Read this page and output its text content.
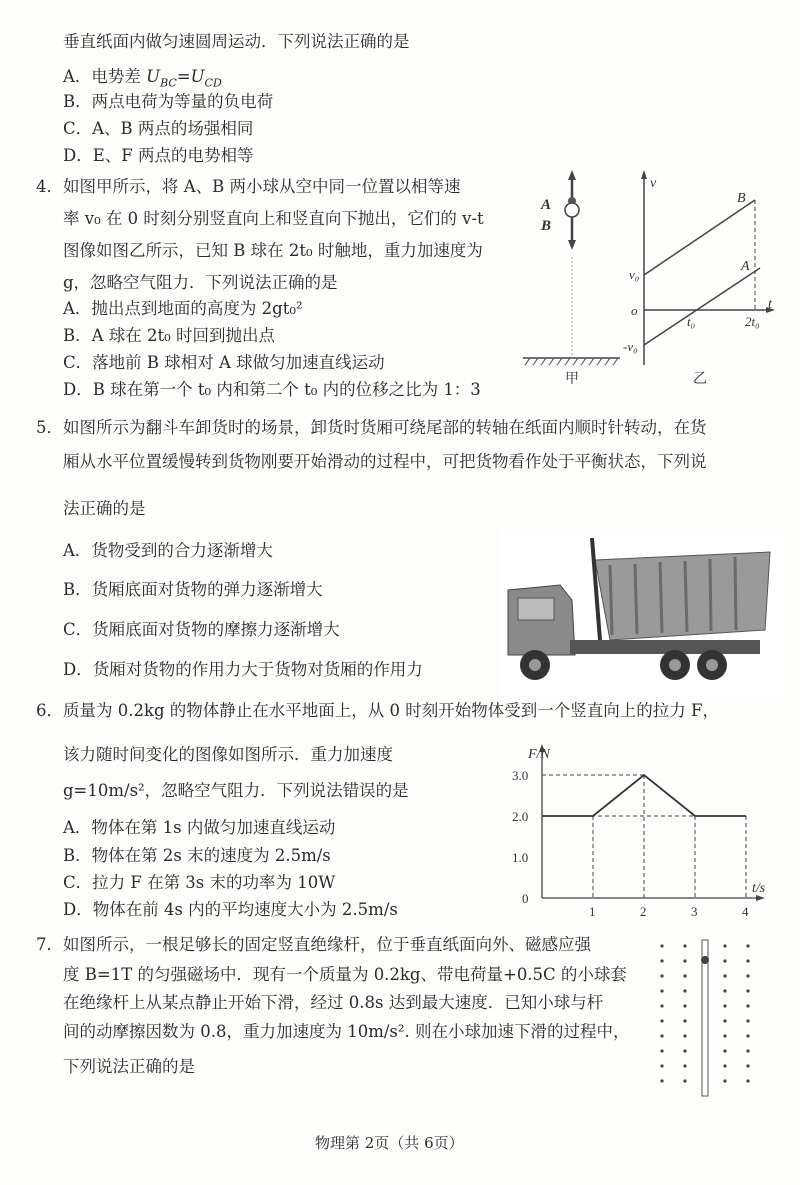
垂直纸面内做匀速圆周运动．下列说法正确的是
A．电势差 $U_{BC}=U_{CD}$
B．两点电荷为等量的负电荷
C．A、B 两点的场强相同
D．E、F 两点的电势相等
4． 如图甲所示，将 A、B 两小球从空中同一位置以相等速
率 v₀ 在 0 时刻分别竖直向上和竖直向下抛出，它们的 v-t
图像如图乙所示，已知 B 球在 2t₀ 时触地，重力加速度为
g，忽略空气阻力．下列说法正确的是
A．抛出点到地面的高度为 2gt₀²
B．A 球在 2t₀ 时回到抛出点
C．落地前 B 球相对 A 球做匀加速直线运动
D．B 球在第一个 t₀ 内和第二个 t₀ 内的位移之比为 1：3
A
B
甲
v
t
o
v₀
-v₀
t₀	2t₀
B
A
乙
5． 如图所示为翻斗车卸货时的场景，卸货时货厢可绕尾部的转轴在纸面内顺时针转动，在货
厢从水平位置缓慢转到货物刚要开始滑动的过程中，可把货物看作处于平衡状态，下列说
法正确的是
A．货物受到的合力逐渐增大
B．货厢底面对货物的弹力逐渐增大
C．货厢底面对货物的摩擦力逐渐增大
D．货厢对货物的作用力大于货物对货厢的作用力
6． 质量为 0.2kg 的物体静止在水平地面上，从 0 时刻开始物体受到一个竖直向上的拉力 F，
该力随时间变化的图像如图所示．重力加速度
g=10m/s²，忽略空气阻力．下列说法错误的是
A．物体在第 1s 内做匀加速直线运动
B．物体在第 2s 末的速度为 2.5m/s
C．拉力 F 在第 3s 末的功率为 10W
D．物体在前 4s 内的平均速度大小为 2.5m/s
F/N
t/s
1	2	3	4
0
1.0
2.0
3.0
7． 如图所示，一根足够长的固定竖直绝缘杆，位于垂直纸面向外、磁感应强
度 B=1T 的匀强磁场中．现有一个质量为 0.2kg、带电荷量+0.5C 的小球套
在绝缘杆上从某点静止开始下滑，经过 0.8s 达到最大速度．已知小球与杆
间的动摩擦因数为 0.8，重力加速度为 10m/s². 则在小球加速下滑的过程中，
下列说法正确的是
物理第 2页（共 6页）
